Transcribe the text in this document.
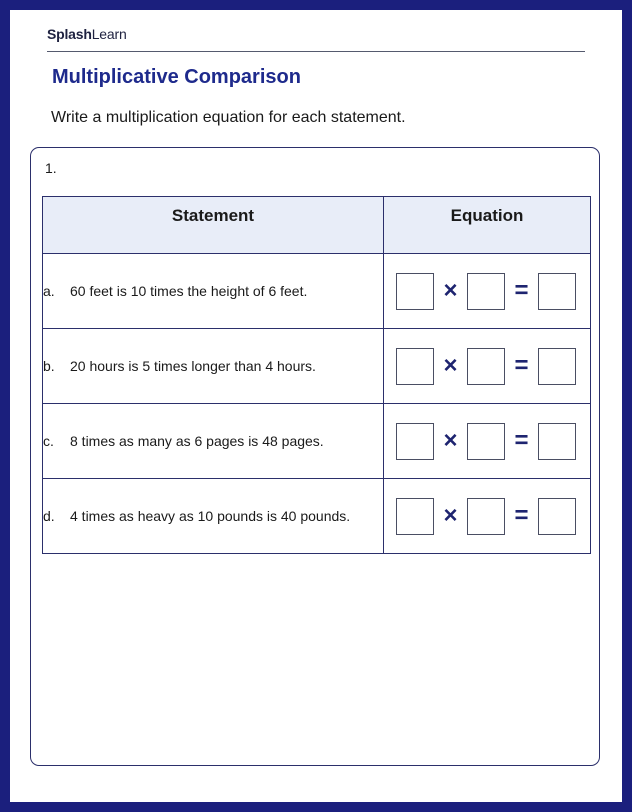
SplashLearn
Multiplicative Comparison
Write a multiplication equation for each statement.
1.
Statement	Equation
a. 60 feet is 10 times the height of 6 feet.	× =

b. 20 hours is 5 times longer than 4 hours.	× =

c. 8 times as many as 6 pages is 48 pages.	× =

d. 4 times as heavy as 10 pounds is 40 pounds.	× =
